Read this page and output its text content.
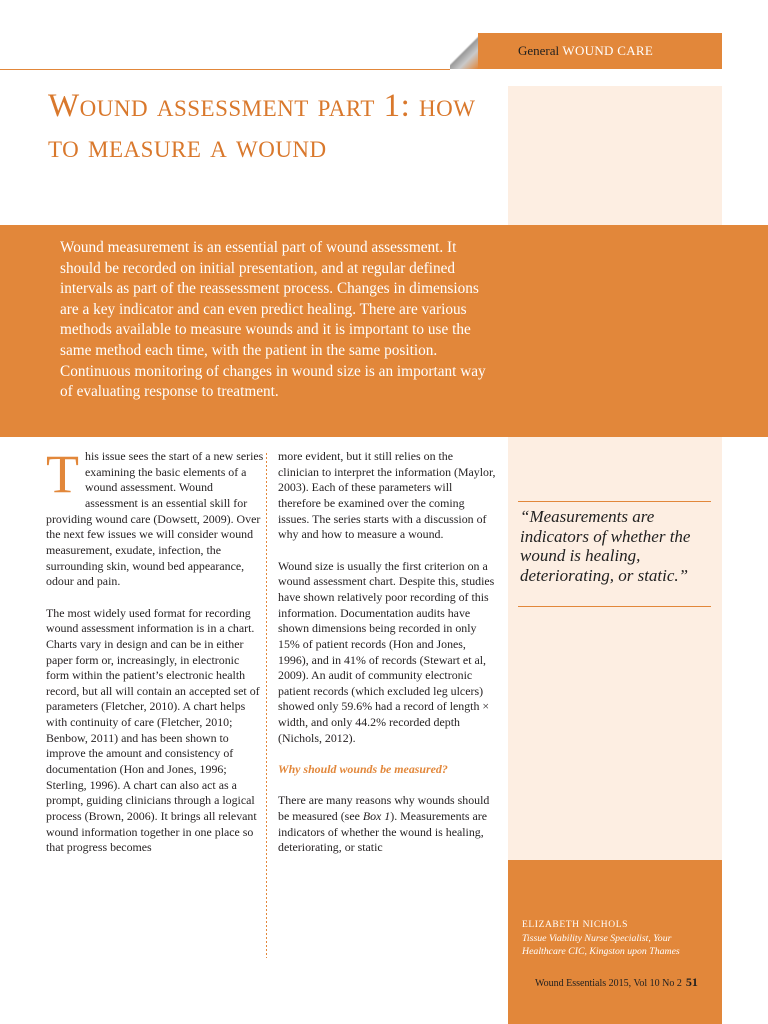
General WOUND CARE
Wound assessment part 1: how to measure a wound

Wound measurement is an essential part of wound assessment. It should be recorded on initial presentation, and at regular defined intervals as part of the reassessment process. Changes in dimensions are a key indicator and can even predict healing. There are various methods available to measure wounds and it is important to use the same method each time, with the patient in the same position. Continuous monitoring of changes in wound size is an important way of evaluating response to treatment.

This issue sees the start of a new series examining the basic elements of a wound assessment. Wound assessment is an essential skill for providing wound care (Dowsett, 2009). Over the next few issues we will consider wound measurement, exudate, infection, the surrounding skin, wound bed appearance, odour and pain.

The most widely used format for recording wound assessment information is in a chart. Charts vary in design and can be in either paper form or, increasingly, in electronic form within the patient’s electronic health record, but all will contain an accepted set of parameters (Fletcher, 2010). A chart helps with continuity of care (Fletcher, 2010; Benbow, 2011) and has been shown to improve the amount and consistency of documentation (Hon and Jones, 1996; Sterling, 1996). A chart can also act as a prompt, guiding clinicians through a logical process (Brown, 2006). It brings all relevant wound information together in one place so that progress becomes

more evident, but it still relies on the clinician to interpret the information (Maylor, 2003). Each of these parameters will therefore be examined over the coming issues. The series starts with a discussion of why and how to measure a wound.

Wound size is usually the first criterion on a wound assessment chart. Despite this, studies have shown relatively poor recording of this information. Documentation audits have shown dimensions being recorded in only 15% of patient records (Hon and Jones, 1996), and in 41% of records (Stewart et al, 2009). An audit of community electronic patient records (which excluded leg ulcers) showed only 59.6% had a record of length × width, and only 44.2% recorded depth (Nichols, 2012).

Why should wounds be measured?

There are many reasons why wounds should be measured (see Box 1). Measurements are indicators of whether the wound is healing, deteriorating, or static

“Measurements are indicators of whether the wound is healing, deteriorating, or static.”

ELIZABETH NICHOLS
Tissue Viability Nurse Specialist, Your Healthcare CIC, Kingston upon Thames
Wound Essentials 2015, Vol 10 No 2 51
